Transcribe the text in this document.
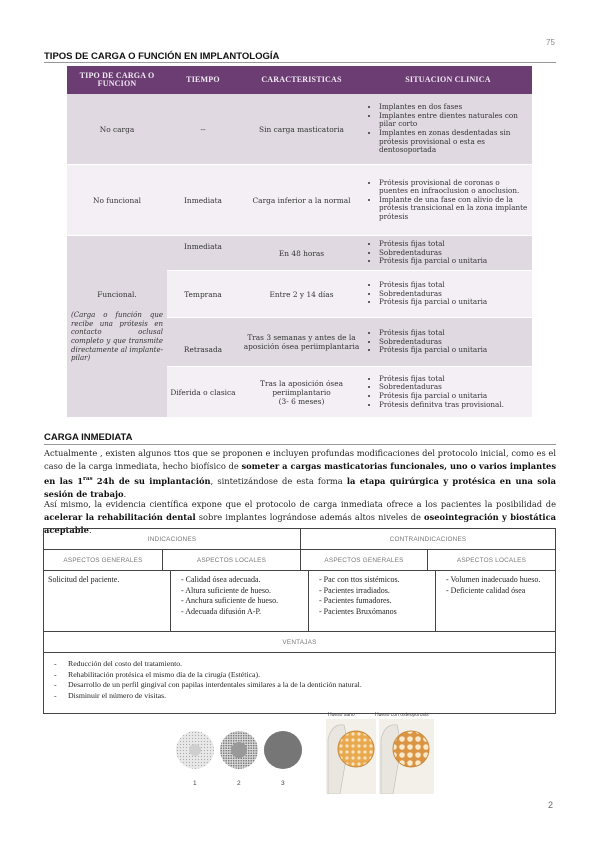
75
TIPOS DE CARGA O FUNCIÓN EN IMPLANTOLOGÍA
TIPO DE CARGA O FUNCION	TIEMPO	CARACTERISTICAS	SITUACION CLINICA
No carga	--	Sin carga masticatoria
• Implantes en dos fases
• Implantes entre dientes naturales con pilar corto
• Implantes en zonas desdentadas sin prótesis provisional o esta es dentosoportada
No funcional	Inmediata	Carga inferior a la normal
• Prótesis provisional de coronas o puentes en infraoclusion o anoclusion.
• Implante de una fase con alivio de la prótesis transicional en la zona implante prótesis
Funcional.
(Carga o función que recibe una prótesis en contacto oclusal completo y que transmite directamente al implante-pilar)
Inmediata
En 48 horas
• Prótesis fijas total
• Sobredentaduras
• Prótesis fija parcial o unitaria
Temprana	Entre 2 y 14 días
• Prótesis fijas total
• Sobredentaduras
• Prótesis fija parcial o unitaria
Retrasada
Tras 3 semanas y antes de la aposición ósea periimplantaria
• Prótesis fijas total
• Sobredentaduras
• Prótesis fija parcial o unitaria
Diferida o clasica
Tras la aposición ósea periimplantario
(3- 6 meses)
• Prótesis fijas total
• Sobredentaduras
• Prótesis fija parcial o unitaria
• Prótesis definitva tras provisional.
CARGA INMEDIATA
Actualmente , existen algunos ttos que se proponen e incluyen profundas modificaciones del protocolo inicial, como es el caso de la carga inmediata, hecho biofísico de someter a cargas masticatorias funcionales, uno o varios implantes en las $1^{ras}$ 24h de su implantación, sintetizándose de esta forma la etapa quirúrgica y protésica en una sola sesión de trabajo.
Así mismo, la evidencia científica expone que el protocolo de carga inmediata ofrece a los pacientes la posibilidad de acelerar la rehabilitación dental sobre implantes lográndose además altos niveles de oseointegración y biostática aceptable.
INDICACIONES	CONTRAINDICACIONES
ASPECTOS GENERALES	ASPECTOS LOCALES	ASPECTOS GENERALES	ASPECTOS LOCALES
Solicitud del paciente.
-	Calidad ósea adecuada.
- Altura suficiente de hueso.
- Anchura suficiente de hueso.
- Adecuada difusión A-P.
- Pac con ttos sistémicos.
- Pacientes irradiados.
- Pacientes fumadores.
- Pacientes Bruxómanos
- Volumen inadecuado hueso.
- Deficiente calidad ósea
VENTAJAS
- Reducción del costo del tratamiento.
- Rehabilitación protésica el mismo día de la cirugía (Estética).
- Desarrollo de un perfil gingival con papilas interdentales similares a la de la dentición natural.
- Disminuir el número de visitas.
1	2	3
Hueso sano	Hueso con osteoporosis
2
